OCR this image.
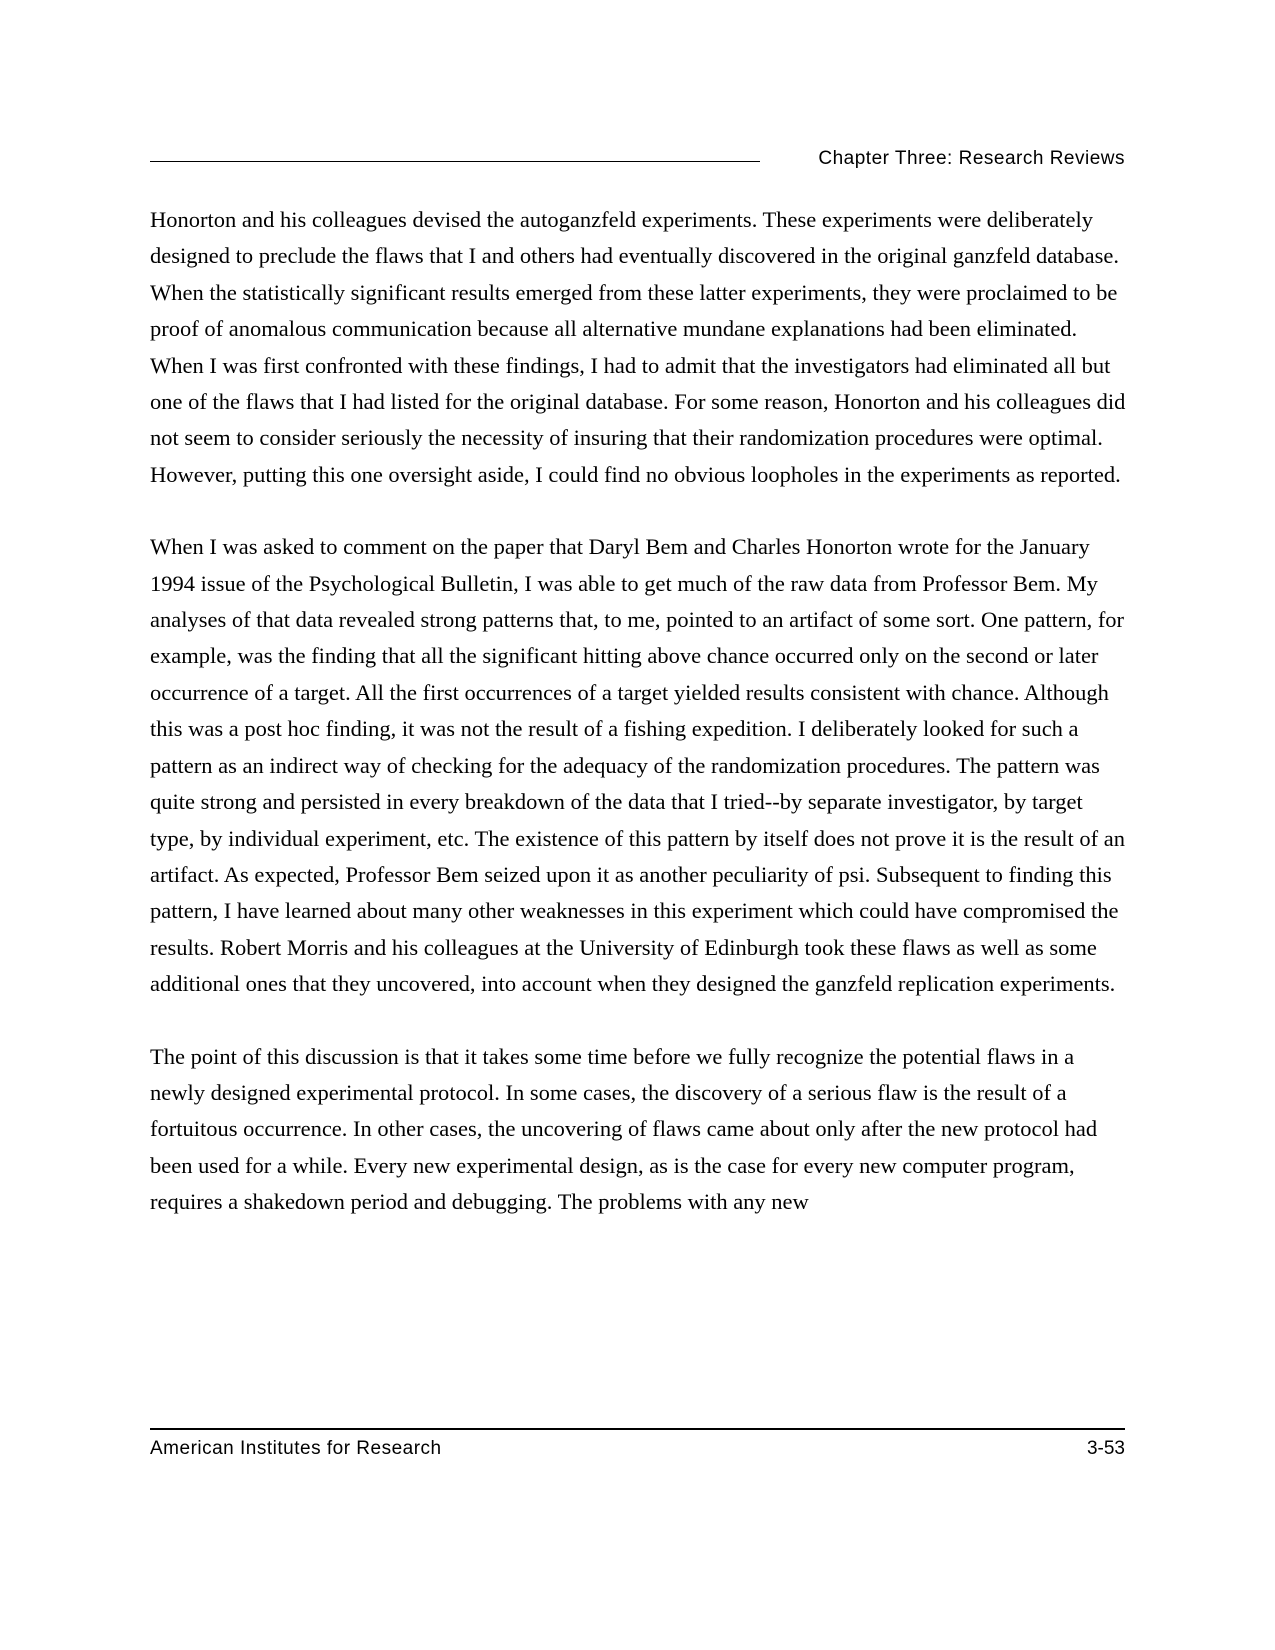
Chapter Three: Research Reviews

Honorton and his colleagues devised the autoganzfeld experiments. These experiments were deliberately designed to preclude the flaws that I and others had eventually discovered in the original ganzfeld database. When the statistically significant results emerged from these latter experiments, they were proclaimed to be proof of anomalous communication because all alternative mundane explanations had been eliminated. When I was first confronted with these findings, I had to admit that the investigators had eliminated all but one of the flaws that I had listed for the original database. For some reason, Honorton and his colleagues did not seem to consider seriously the necessity of insuring that their randomization procedures were optimal. However, putting this one oversight aside, I could find no obvious loopholes in the experiments as reported.

When I was asked to comment on the paper that Daryl Bem and Charles Honorton wrote for the January 1994 issue of the Psychological Bulletin, I was able to get much of the raw data from Professor Bem. My analyses of that data revealed strong patterns that, to me, pointed to an artifact of some sort. One pattern, for example, was the finding that all the significant hitting above chance occurred only on the second or later occurrence of a target. All the first occurrences of a target yielded results consistent with chance. Although this was a post hoc finding, it was not the result of a fishing expedition. I deliberately looked for such a pattern as an indirect way of checking for the adequacy of the randomization procedures. The pattern was quite strong and persisted in every breakdown of the data that I tried--by separate investigator, by target type, by individual experiment, etc. The existence of this pattern by itself does not prove it is the result of an artifact. As expected, Professor Bem seized upon it as another peculiarity of psi. Subsequent to finding this pattern, I have learned about many other weaknesses in this experiment which could have compromised the results. Robert Morris and his colleagues at the University of Edinburgh took these flaws as well as some additional ones that they uncovered, into account when they designed the ganzfeld replication experiments.

The point of this discussion is that it takes some time before we fully recognize the potential flaws in a newly designed experimental protocol. In some cases, the discovery of a serious flaw is the result of a fortuitous occurrence. In other cases, the uncovering of flaws came about only after the new protocol had been used for a while. Every new experimental design, as is the case for every new computer program, requires a shakedown period and debugging. The problems with any new

American Institutes for Research	3-53
